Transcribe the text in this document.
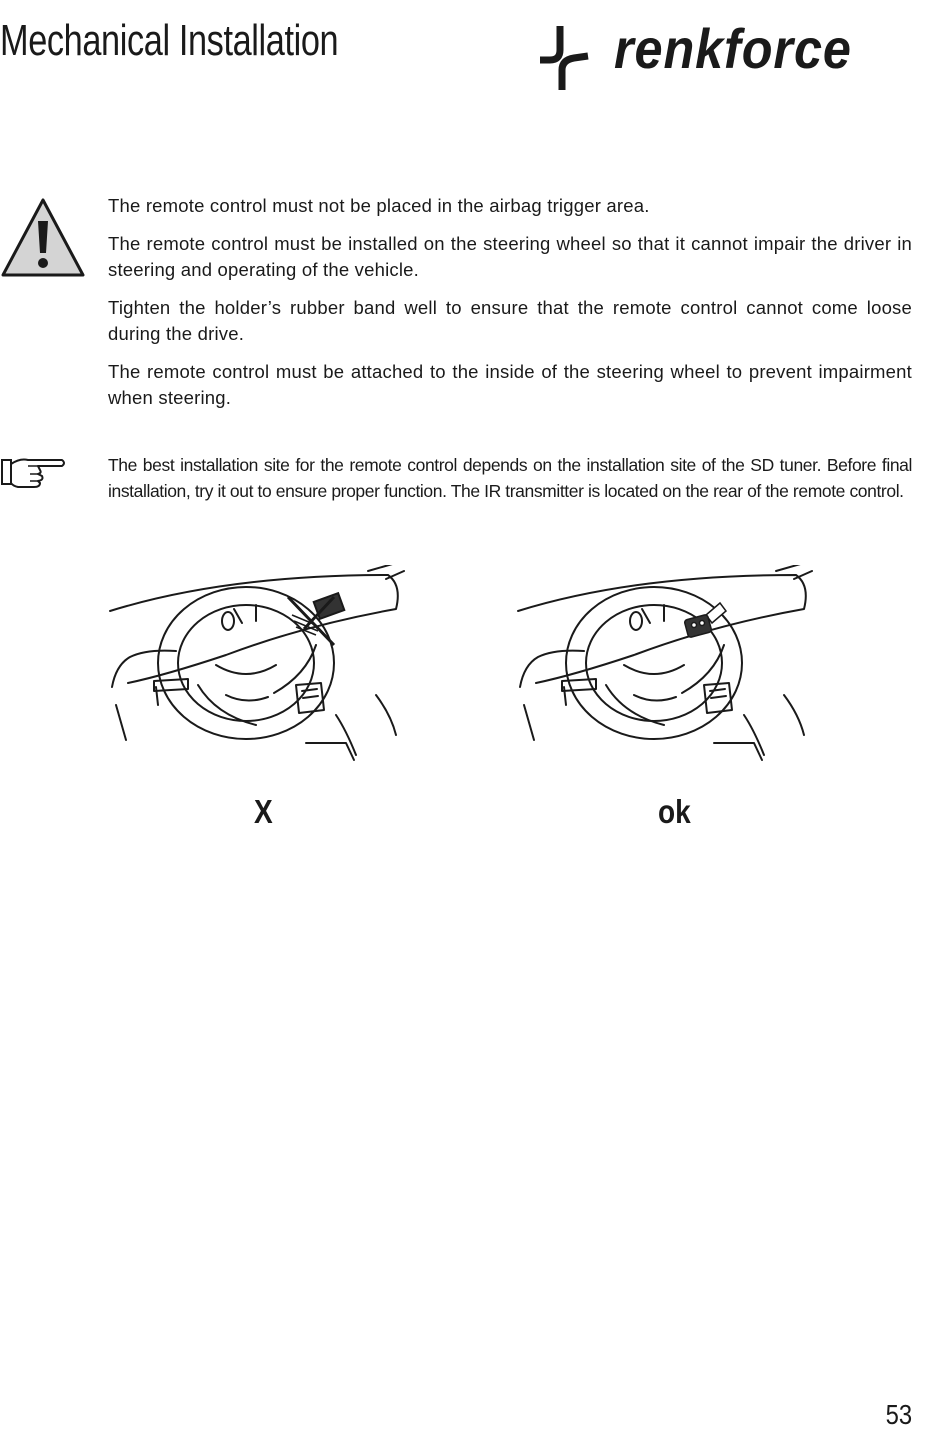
Mechanical Installation	renkforce

The remote control must not be placed in the airbag trigger area.

The remote control must be installed on the steering wheel so that it cannot impair the driver in steering and operating of the vehicle.

Tighten the holder’s rubber band well to ensure that the remote control cannot come loose during the drive.

The remote control must be attached to the inside of the steering wheel to prevent impairment when steering.

The best installation site for the remote control depends on the installation site of the SD tuner. Before final installation, try it out to ensure proper function. The IR transmitter is located on the rear of the remote control.
X	ok
53
